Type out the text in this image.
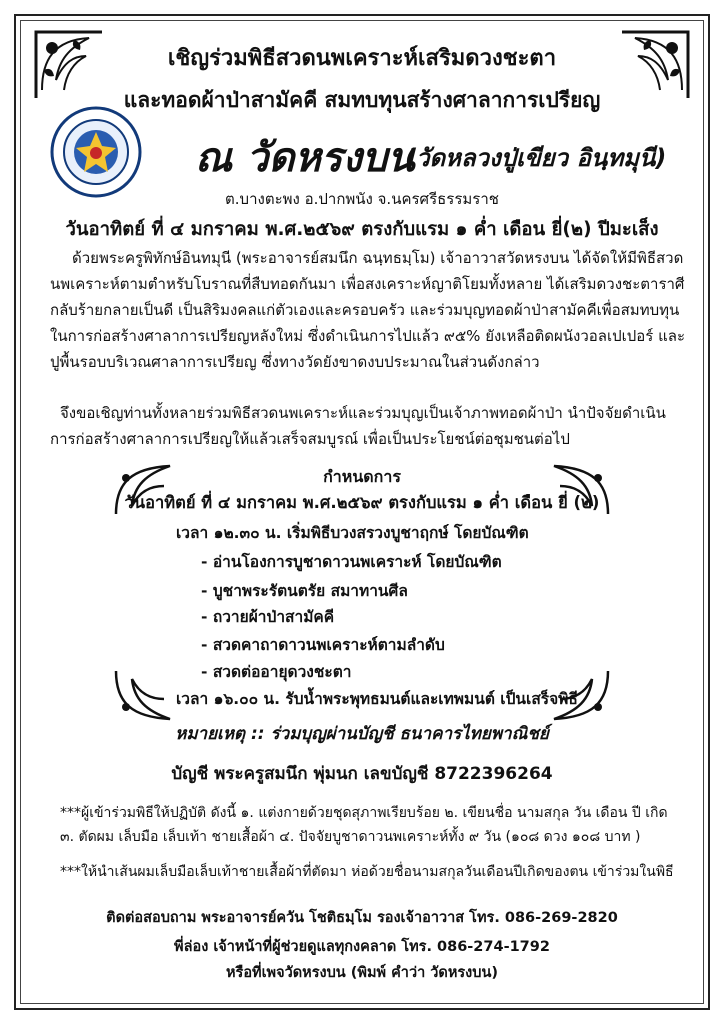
เชิญร่วมพิธีสวดนพเคราะห์เสริมดวงชะตา
และทอดผ้าป่าสามัคคี สมทบทุนสร้างศาลาการเปรียญ
ณ วัดหรงบน
(วัดหลวงปู่เขียว อินฺทมุนี)
ต.บางตะพง อ.ปากพนัง จ.นครศรีธรรมราช
วันอาทิตย์ ที่ ๔ มกราคม พ.ศ.๒๕๖๙ ตรงกับแรม ๑ ค่ำ เดือน ยี่(๒) ปีมะเส็ง
ด้วยพระครูพิทักษ์อินทมุนี (พระอาจารย์สมนึก ฉนฺทธมฺโม) เจ้าอาวาสวัดหรงบน ได้จัดให้มีพิธีสวดนพเคราะห์ตามตำหรับโบราณที่สืบทอดกันมา เพื่อสงเคราะห์ญาติโยมทั้งหลาย ได้เสริมดวงชะตาราศีกลับร้ายกลายเป็นดี เป็นสิริมงคลแก่ตัวเองและครอบครัว และร่วมบุญทอดผ้าป่าสามัคคีเพื่อสมทบทุนในการก่อสร้างศาลาการเปรียญหลังใหม่ ซึ่งดำเนินการไปแล้ว ๙๕% ยังเหลือติดผนังวอลเปเปอร์ และปูพื้นรอบบริเวณศาลาการเปรียญ ซึ่งทางวัดยังขาดงบประมาณในส่วนดังกล่าว
จึงขอเชิญท่านทั้งหลายร่วมพิธีสวดนพเคราะห์และร่วมบุญเป็นเจ้าภาพทอดผ้าป่า นำปัจจัยดำเนินการก่อสร้างศาลาการเปรียญให้แล้วเสร็จสมบูรณ์ เพื่อเป็นประโยชน์ต่อชุมชนต่อไป
กำหนดการ
วันอาทิตย์ ที่ ๔ มกราคม พ.ศ.๒๕๖๙ ตรงกับแรม ๑ ค่ำ เดือน ยี่ (๒)
เวลา ๑๒.๓๐ น. เริ่มพิธีบวงสรวงบูชาฤกษ์ โดยบัณฑิต
- อ่านโองการบูชาดาวนพเคราะห์ โดยบัณฑิต
- บูชาพระรัตนตรัย สมาทานศีล
- ถวายผ้าป่าสามัคคี
- สวดคาถาดาวนพเคราะห์ตามลำดับ
- สวดต่ออายุดวงชะตา
เวลา ๑๖.๐๐ น. รับน้ำพระพุทธมนต์และเทพมนต์ เป็นเสร็จพิธี
หมายเหตุ :: ร่วมบุญผ่านบัญชี ธนาคารไทยพาณิชย์
บัญชี พระครูสมนึก พุ่มนก เลขบัญชี 8722396264
***ผู้เข้าร่วมพิธีให้ปฏิบัติ ดังนี้ ๑. แต่งกายด้วยชุดสุภาพเรียบร้อย ๒. เขียนชื่อ นามสกุล วัน เดือน ปี เกิด ๓. ตัดผม เล็บมือ เล็บเท้า ชายเสื้อผ้า ๔. ปัจจัยบูชาดาวนพเคราะห์ทั้ง ๙ วัน (๑๐๘ ดวง ๑๐๘ บาท )
***ให้นำเส้นผมเล็บมือเล็บเท้าชายเสื้อผ้าที่ตัดมา ห่อด้วยชื่อนามสกุลวันเดือนปีเกิดของตน เข้าร่วมในพิธี
ติดต่อสอบถาม พระอาจารย์ควัน โชติธมฺโม รองเจ้าอาวาส โทร. 086-269-2820
พี่ล่อง เจ้าหน้าที่ผู้ช่วยดูแลทุกงคลาด โทร. 086-274-1792
หรือที่เพจวัดหรงบน (พิมพ์ คำว่า วัดหรงบน)
